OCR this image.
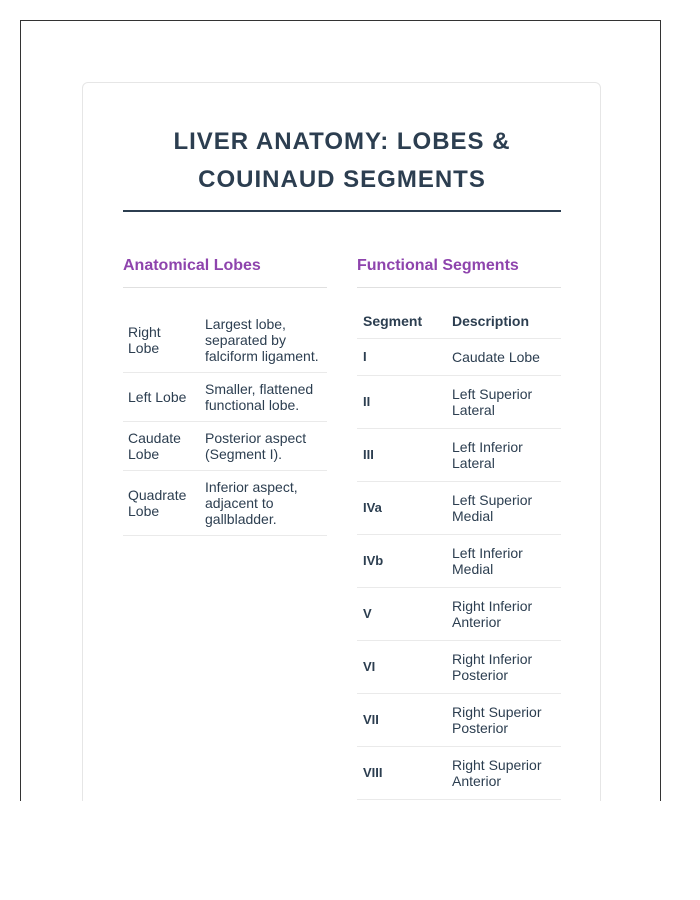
LIVER ANATOMY: LOBES &
COUINAUD SEGMENTS
Anatomical Lobes
Right Lobe	Largest lobe, separated by falciform ligament.
Left Lobe	Smaller, flattened functional lobe.
Caudate Lobe	Posterior aspect (Segment I).
Quadrate Lobe	Inferior aspect, adjacent to gallbladder.
Functional Segments
Segment	Description
I	Caudate Lobe
II	Left Superior Lateral
III	Left Inferior Lateral
IVa	Left Superior Medial
IVb	Left Inferior Medial
V	Right Inferior Anterior
VI	Right Inferior Posterior
VII	Right Superior Posterior
VIII	Right Superior Anterior
